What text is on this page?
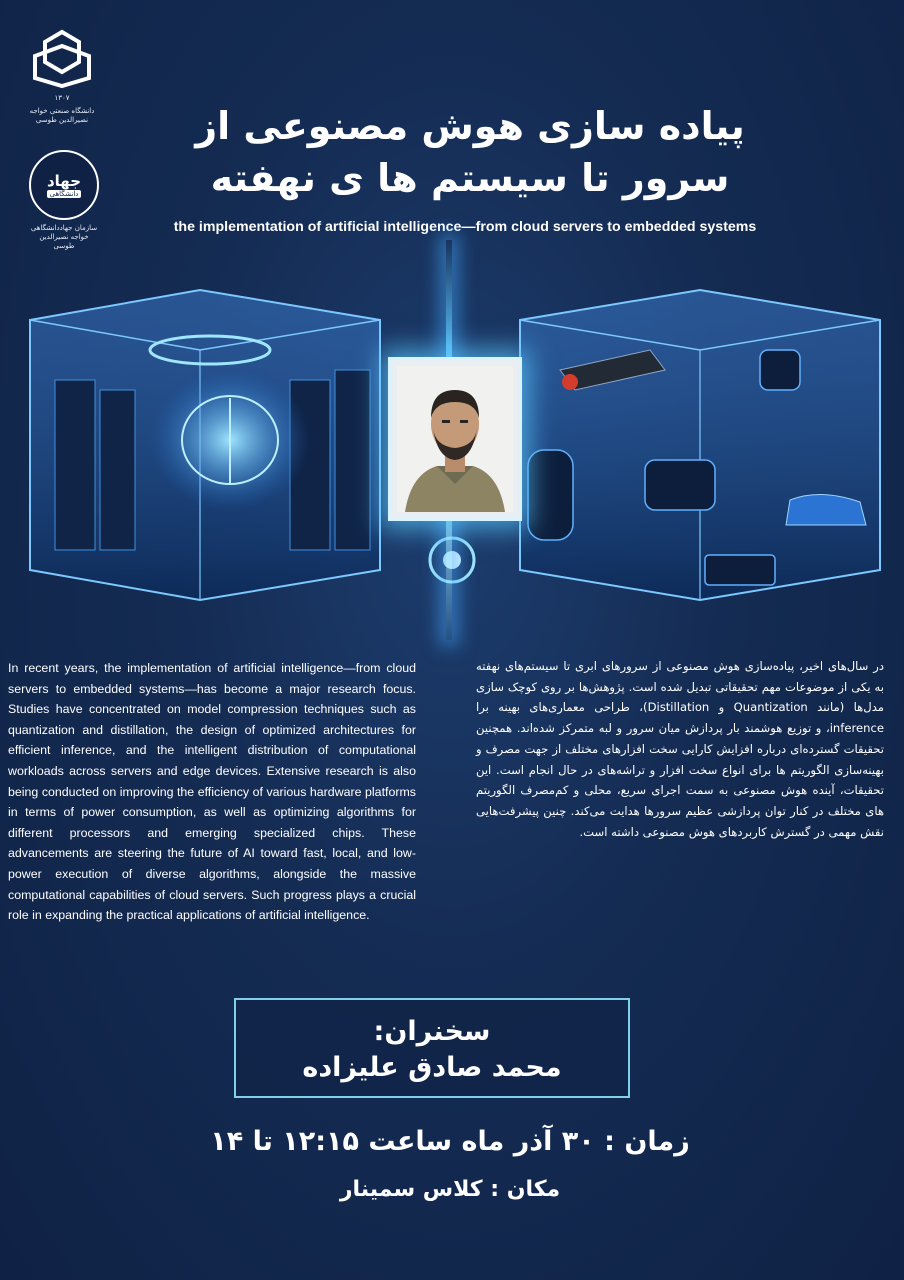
۱۳۰۷
دانشگاه صنعتی خواجه نصیرالدین طوسی
جهاد
دانشگاهی
سازمان جهاددانشگاهی خواجه نصیرالدین طوسی
پیاده سازی هوش مصنوعی از
سرور تا سیستم ها ی نهفته
the implementation of artificial intelligence—from cloud servers to embedded systems
In recent years, the implementation of artificial intelligence—from cloud servers to embedded systems—has become a major research focus. Studies have concentrated on model compression techniques such as quantization and distillation, the design of optimized architectures for efficient inference, and the intelligent distribution of computational workloads across servers and edge devices. Extensive research is also being conducted on improving the efficiency of various hardware platforms in terms of power consumption, as well as optimizing algorithms for different processors and emerging specialized chips. These advancements are steering the future of AI toward fast, local, and low-power execution of diverse algorithms, alongside the massive computational capabilities of cloud servers. Such progress plays a crucial role in expanding the practical applications of artificial intelligence.
در سال‌های اخیر، پیاده‌سازی هوش مصنوعی از سرورهای ابری تا سیستم‌های نهفته به یکی از موضوعات مهم تحقیقاتی تبدیل شده است. پژوهش‌ها بر روی کوچک سازی مدل‌ها (مانند Quantization و Distillation)، طراحی معماری‌های بهینه برا inference، و توزیع هوشمند بار پردازش میان سرور و لبه متمرکز شده‌اند. همچنین تحقیقات گسترده‌ای درباره افزایش کارایی سخت افزارهای مختلف از جهت مصرف و بهینه‌سازی الگوریتم ها برای انواع سخت افزار و تراشه‌های در حال انجام است. این تحقیقات، آینده هوش مصنوعی به سمت اجرای سریع، محلی و کم‌مصرف الگوریتم های مختلف در کنار توان پردازشی عظیم سرورها هدایت می‌کند. چنین پیشرفت‌هایی نقش مهمی در گسترش کاربردهای هوش مصنوعی داشته است.
سخنران:
محمد صادق علیزاده
زمان : ۳۰ آذر ماه ساعت ۱۲:۱۵ تا ۱۴
مکان : کلاس سمینار
